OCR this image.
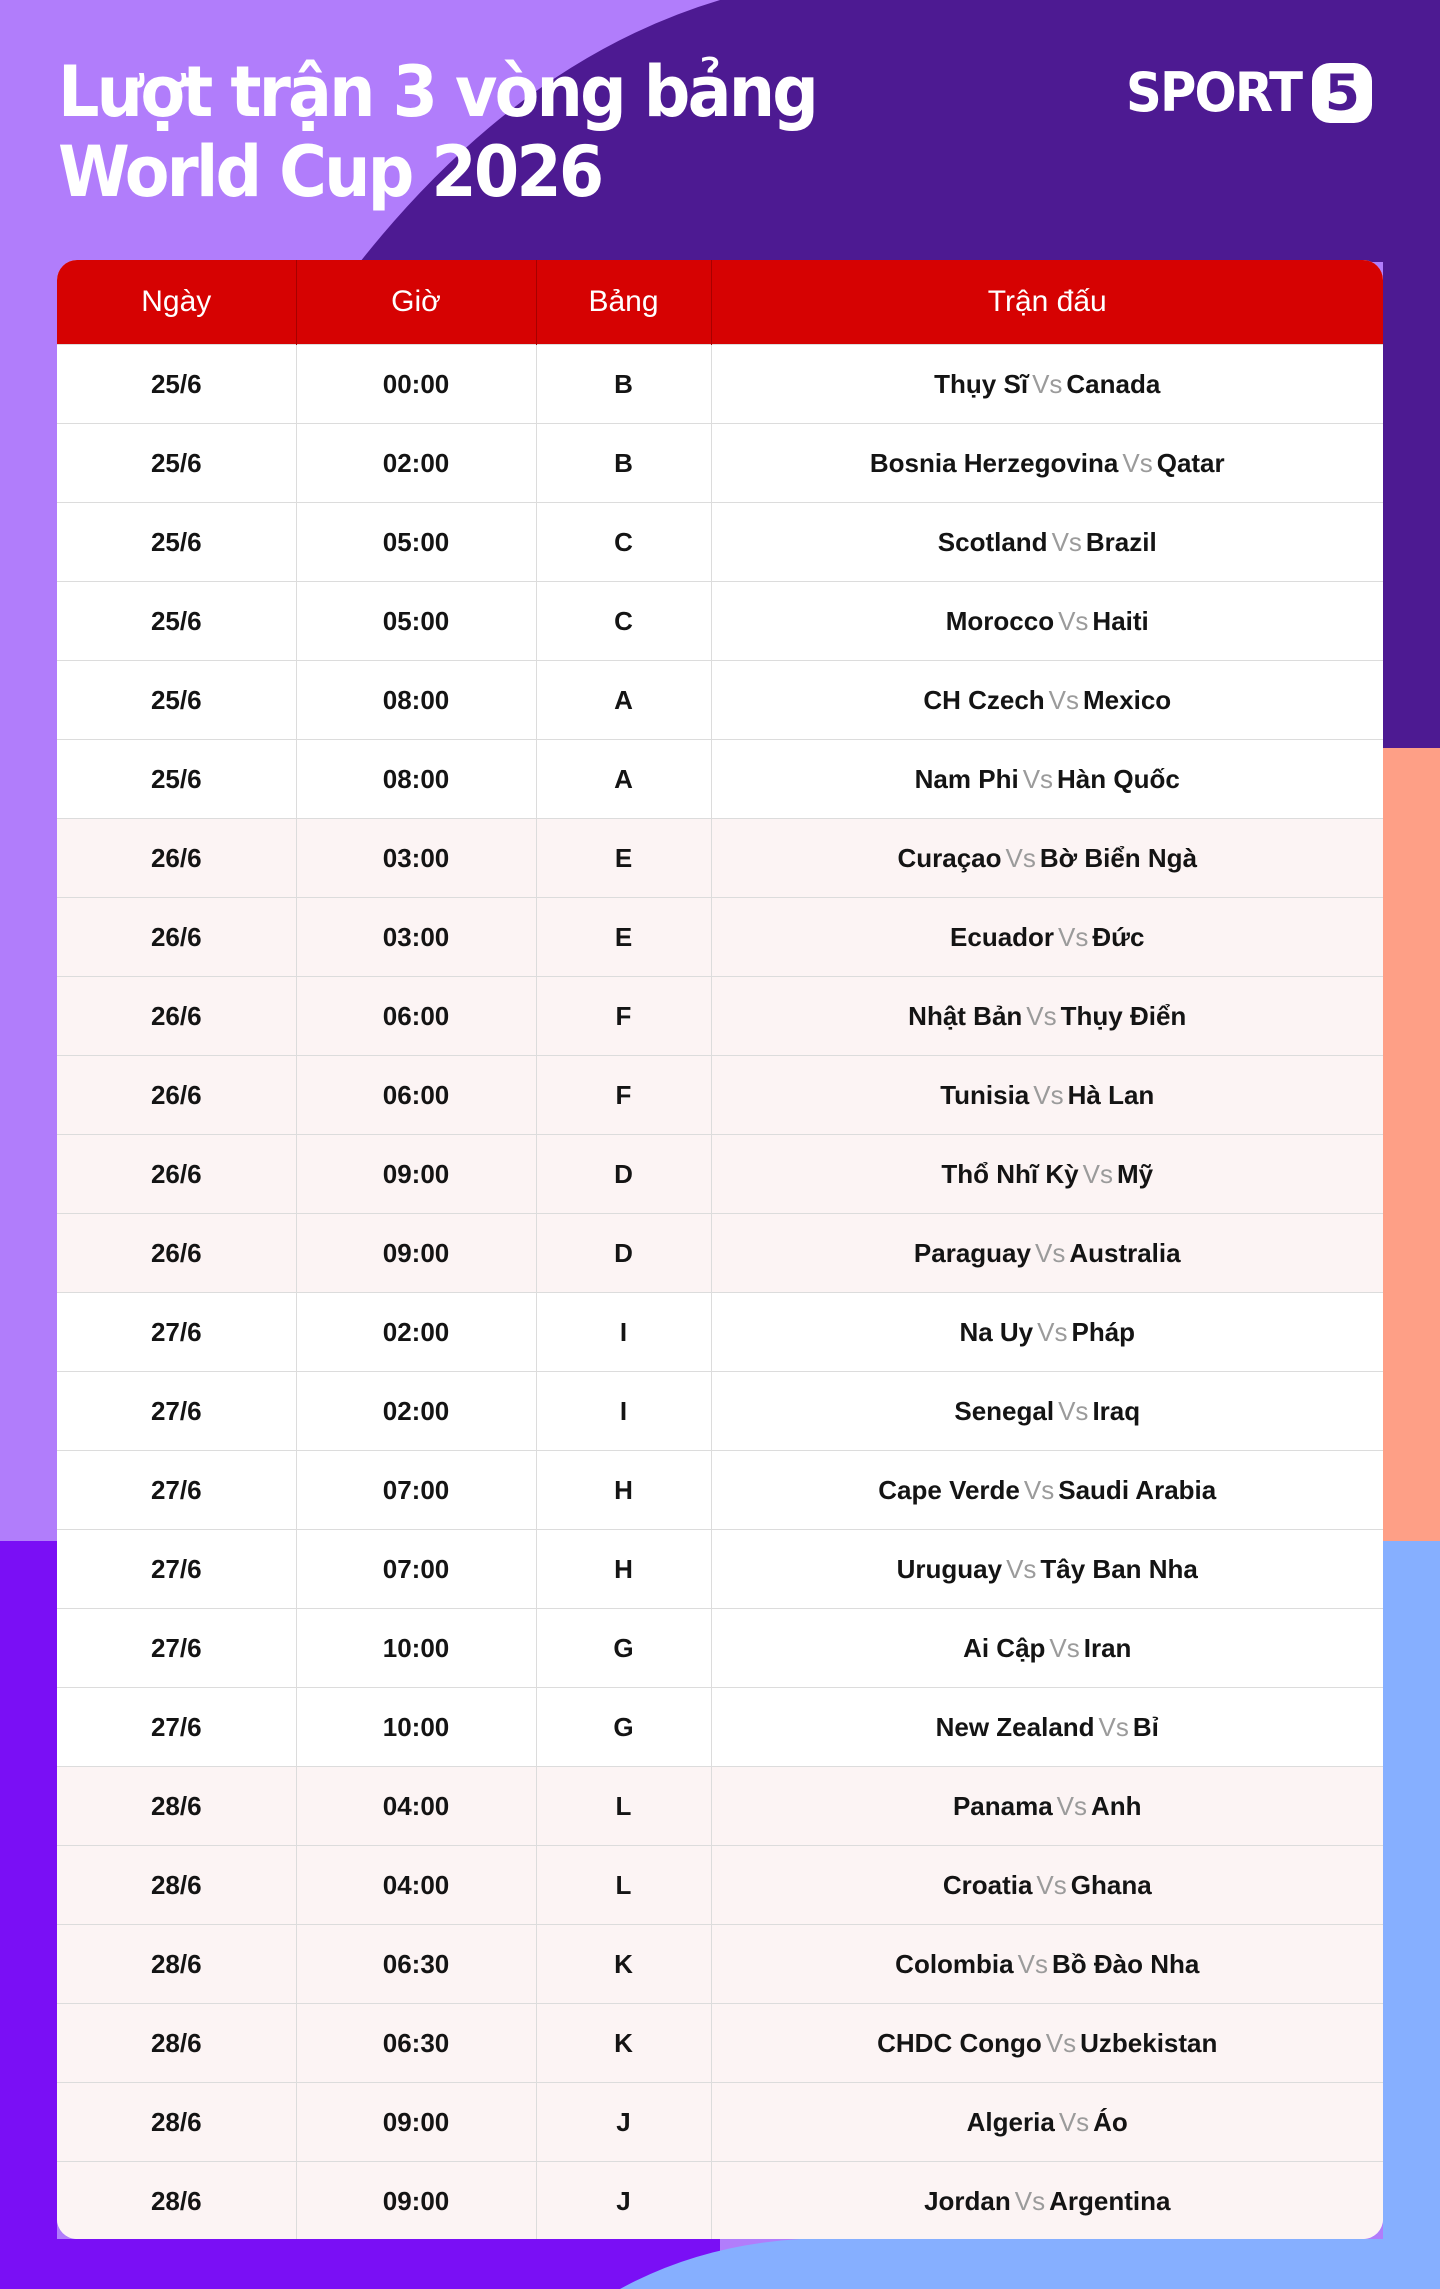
Lượt trận 3 vòng bảng
World Cup 2026
SPORT 5
Ngày	Giờ	Bảng	Trận đấu
25/6	00:00	B	Thụy Sĩ Vs Canada
25/6	02:00	B	Bosnia Herzegovina Vs Qatar
25/6	05:00	C	Scotland Vs Brazil
25/6	05:00	C	Morocco Vs Haiti
25/6	08:00	A	CH Czech Vs Mexico
25/6	08:00	A	Nam Phi Vs Hàn Quốc
26/6	03:00	E	Curaçao Vs Bờ Biển Ngà
26/6	03:00	E	Ecuador Vs Đức
26/6	06:00	F	Nhật Bản Vs Thụy Điển
26/6	06:00	F	Tunisia Vs Hà Lan
26/6	09:00	D	Thổ Nhĩ Kỳ Vs Mỹ
26/6	09:00	D	Paraguay Vs Australia
27/6	02:00	I	Na Uy Vs Pháp
27/6	02:00	I	Senegal Vs Iraq
27/6	07:00	H	Cape Verde Vs Saudi Arabia
27/6	07:00	H	Uruguay Vs Tây Ban Nha
27/6	10:00	G	Ai Cập Vs Iran
27/6	10:00	G	New Zealand Vs Bỉ
28/6	04:00	L	Panama Vs Anh
28/6	04:00	L	Croatia Vs Ghana
28/6	06:30	K	Colombia Vs Bồ Đào Nha
28/6	06:30	K	CHDC Congo Vs Uzbekistan
28/6	09:00	J	Algeria Vs Áo
28/6	09:00	J	Jordan Vs Argentina
